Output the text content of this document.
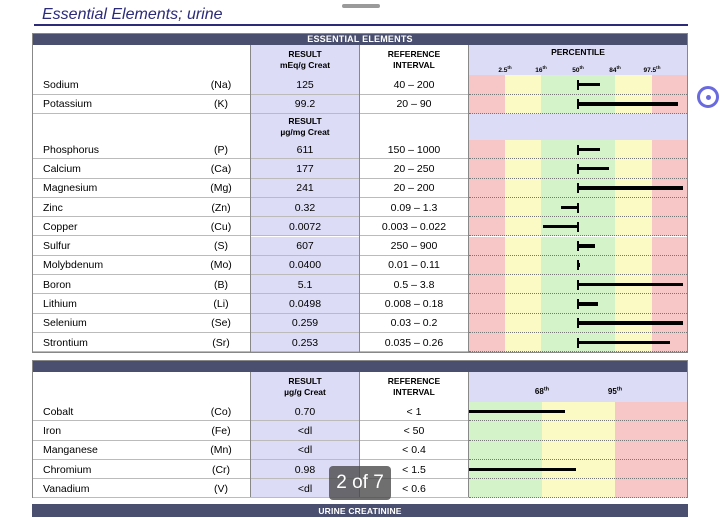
Essential Elements; urine
ESSENTIAL ELEMENTS
RESULT
mEq/g Creat
REFERENCE
INTERVAL
PERCENTILE
2.5th	16th	50th	84th	97.5th
Sodium	(Na)	125	40 – 200
Potassium	(K)	99.2	20 – 90
RESULT
µg/mg Creat
Phosphorus	(P)	611	150 – 1000
Calcium	(Ca)	177	20 – 250
Magnesium	(Mg)	241	20 – 200
Zinc	(Zn)	0.32	0.09 – 1.3
Copper	(Cu)	0.0072	0.003 – 0.022
Sulfur	(S)	607	250 – 900
Molybdenum	(Mo)	0.0400	0.01 – 0.11
Boron	(B)	5.1	0.5 – 3.8
Lithium	(Li)	0.0498	0.008 – 0.18
Selenium	(Se)	0.259	0.03 – 0.2
Strontium	(Sr)	0.253	0.035 – 0.26
RESULT
µg/g Creat
REFERENCE
INTERVAL	68th	95th
Cobalt	(Co)	0.70	< 1
Iron	(Fe)	<dl	< 50
Manganese	(Mn)	<dl	< 0.4
Chromium	(Cr)	0.98	< 1.5
Vanadium	(V)	<dl	< 0.6
URINE CREATININE
2 of 7
